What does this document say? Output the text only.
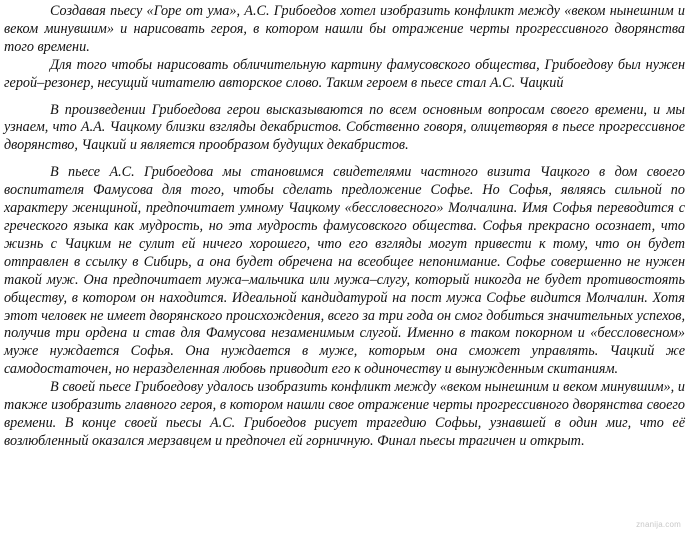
Создавая пьесу «Горе от ума», А.С. Грибоедов хотел изобразить конфликт между «веком нынешним и веком минувшим» и нарисовать героя, в котором нашли бы отражение черты прогрессивного дворянства того времени.

Для того чтобы нарисовать обличительную картину фамусовского общества, Грибоедову был нужен герой–резонер, несущий читателю авторское слово. Таким героем в пьесе стал А.С. Чацкий

В произведении Грибоедова герои высказываются по всем основным вопросам своего времени, и мы узнаем, что А.А. Чацкому близки взгляды декабристов. Собственно говоря, олицетворяя в пьесе прогрессивное дворянство, Чацкий и является прообразом будущих декабристов.

В пьесе А.С. Грибоедова мы становимся свидетелями частного визита Чацкого в дом своего воспитателя Фамусова для того, чтобы сделать предложение Софье. Но Софья, являясь сильной по характеру женщиной, предпочитает умному Чацкому «бессловесного» Молчалина. Имя Софья переводится с греческого языка как мудрость, но эта мудрость фамусовского общества. Софья прекрасно осознает, что жизнь с Чацким не сулит ей ничего хорошего, что его взгляды могут привести к тому, что он будет отправлен в ссылку в Сибирь, а она будет обречена на всеобщее непонимание. Софье совершенно не нужен такой муж. Она предпочитает мужа–мальчика или мужа–слугу, который никогда не будет противостоять обществу, в котором он находится. Идеальной кандидатурой на пост мужа Софье видится Молчалин. Хотя этот человек не имеет дворянского происхождения, всего за три года он смог добиться значительных успехов, получив три ордена и став для Фамусова незаменимым слугой. Именно в таком покорном и «бессловесном» муже нуждается Софья. Она нуждается в муже, которым она сможет управлять. Чацкий же самодостаточен, но неразделенная любовь приводит его к одиночеству и вынужденным скитаниям.

В своей пьесе Грибоедову удалось изобразить конфликт между «веком нынешним и веком минувшим», и также изобразить главного героя, в котором нашли свое отражение черты прогрессивного дворянства своего времени. В конце своей пьесы А.С. Грибоедов рисует трагедию Софьы, узнавшей в один миг, что её возлюбленный оказался мерзавцем и предпочел ей горничную. Финал пьесы трагичен и открыт.

znanija.com
